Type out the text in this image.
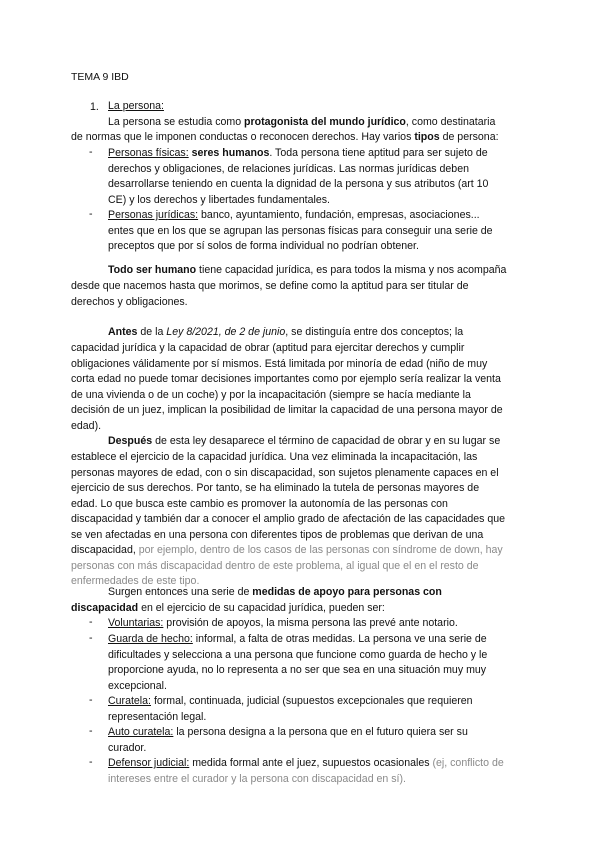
TEMA 9 IBD
1. La persona:
La persona se estudia como protagonista del mundo jurídico, como destinataria
de normas que le imponen conductas o reconocen derechos. Hay varios tipos de persona:
- Personas físicas: seres humanos. Toda persona tiene aptitud para ser sujeto de
derechos y obligaciones, de relaciones jurídicas. Las normas jurídicas deben
desarrollarse teniendo en cuenta la dignidad de la persona y sus atributos (art 10
CE) y los derechos y libertades fundamentales.
- Personas jurídicas: banco, ayuntamiento, fundación, empresas, asociaciones...
entes que en los que se agrupan las personas físicas para conseguir una serie de
preceptos que por sí solos de forma individual no podrían obtener.
Todo ser humano tiene capacidad jurídica, es para todos la misma y nos acompaña
desde que nacemos hasta que morimos, se define como la aptitud para ser titular de
derechos y obligaciones.
Antes de la Ley 8/2021, de 2 de junio, se distinguía entre dos conceptos; la
capacidad jurídica y la capacidad de obrar (aptitud para ejercitar derechos y cumplir
obligaciones válidamente por sí mismos. Está limitada por minoría de edad (niño de muy
corta edad no puede tomar decisiones importantes como por ejemplo sería realizar la venta
de una vivienda o de un coche) y por la incapacitación (siempre se hacía mediante la
decisión de un juez, implican la posibilidad de limitar la capacidad de una persona mayor de
edad).
Después de esta ley desaparece el término de capacidad de obrar y en su lugar se
establece el ejercicio de la capacidad jurídica. Una vez eliminada la incapacitación, las
personas mayores de edad, con o sin discapacidad, son sujetos plenamente capaces en el
ejercicio de sus derechos. Por tanto, se ha eliminado la tutela de personas mayores de
edad. Lo que busca este cambio es promover la autonomía de las personas con
discapacidad y también dar a conocer el amplio grado de afectación de las capacidades que
se ven afectadas en una persona con diferentes tipos de problemas que derivan de una
discapacidad, por ejemplo, dentro de los casos de las personas con síndrome de down, hay
personas con más discapacidad dentro de este problema, al igual que el en el resto de
enfermedades de este tipo.
Surgen entonces una serie de medidas de apoyo para personas con
discapacidad en el ejercicio de su capacidad jurídica, pueden ser:
- Voluntarias: provisión de apoyos, la misma persona las prevé ante notario.
- Guarda de hecho: informal, a falta de otras medidas. La persona ve una serie de
dificultades y selecciona a una persona que funcione como guarda de hecho y le
proporcione ayuda, no lo representa a no ser que sea en una situación muy muy
excepcional.
- Curatela: formal, continuada, judicial (supuestos excepcionales que requieren
representación legal.
- Auto curatela: la persona designa a la persona que en el futuro quiera ser su
curador.
- Defensor judicial: medida formal ante el juez, supuestos ocasionales (ej, conflicto de
intereses entre el curador y la persona con discapacidad en sí).
